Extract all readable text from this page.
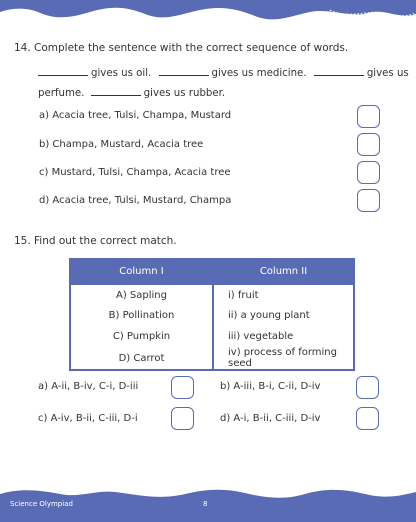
14. Complete the sentence with the correct sequence of words.
gives us oil.	gives us medicine.	gives us
perfume.	gives us rubber.
a) Acacia tree, Tulsi, Champa, Mustard
b) Champa, Mustard, Acacia tree
c) Mustard, Tulsi, Champa, Acacia tree
d) Acacia tree, Tulsi, Mustard, Champa
15. Find out the correct match.
Column I	Column II
A) Sapling	i) fruit
B) Pollination	ii) a young plant
C) Pumpkin	iii) vegetable
D) Carrot	iv) process of forming seed
a) A-ii, B-iv, C-i, D-iii	b) A-iii, B-i, C-ii, D-iv
c) A-iv, B-ii, C-iii, D-i	d) A-i, B-ii, C-iii, D-iv
Science Olympiad	8
